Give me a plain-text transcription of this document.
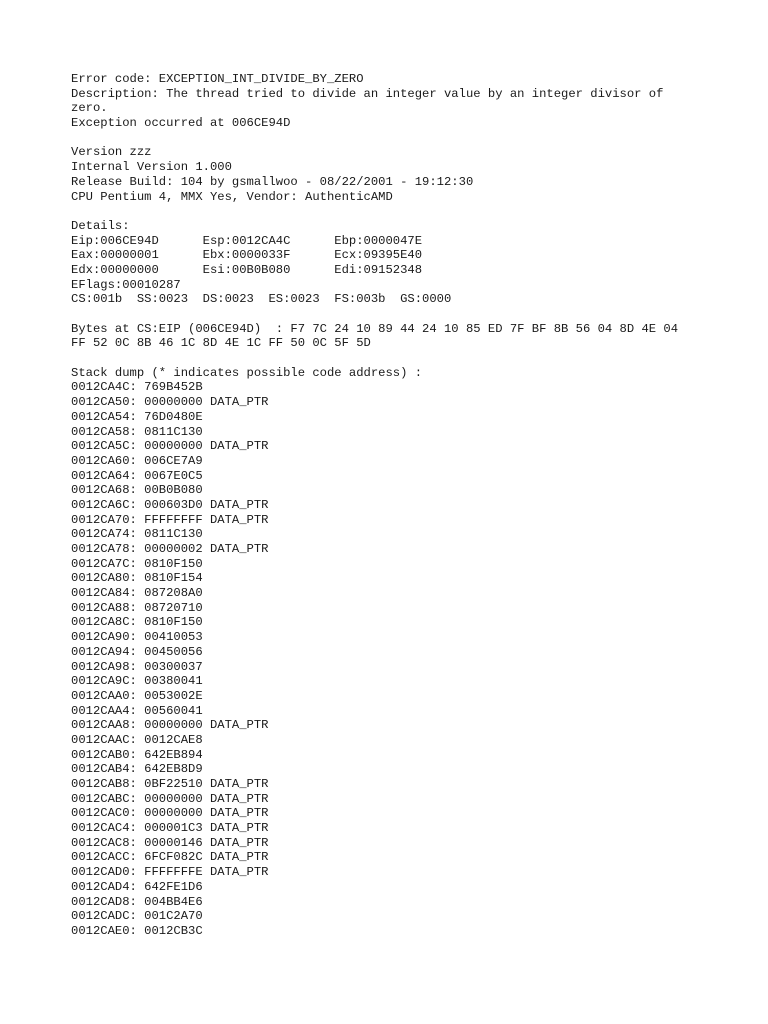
Error code: EXCEPTION_INT_DIVIDE_BY_ZERO
Description: The thread tried to divide an integer value by an integer divisor of
zero.
Exception occurred at 006CE94D
Version zzz
Internal Version 1.000
Release Build: 104 by gsmallwoo - 08/22/2001 - 19:12:30
CPU Pentium 4, MMX Yes, Vendor: AuthenticAMD
Details:
Eip:006CE94D      Esp:0012CA4C      Ebp:0000047E
Eax:00000001      Ebx:0000033F      Ecx:09395E40
Edx:00000000      Esi:00B0B080      Edi:09152348
EFlags:00010287
CS:001b  SS:0023  DS:0023  ES:0023  FS:003b  GS:0000
Bytes at CS:EIP (006CE94D)  : F7 7C 24 10 89 44 24 10 85 ED 7F BF 8B 56 04 8D 4E 04
FF 52 0C 8B 46 1C 8D 4E 1C FF 50 0C 5F 5D
Stack dump (* indicates possible code address) :
0012CA4C: 769B452B
0012CA50: 00000000 DATA_PTR
0012CA54: 76D0480E
0012CA58: 0811C130
0012CA5C: 00000000 DATA_PTR
0012CA60: 006CE7A9
0012CA64: 0067E0C5
0012CA68: 00B0B080
0012CA6C: 000603D0 DATA_PTR
0012CA70: FFFFFFFF DATA_PTR
0012CA74: 0811C130
0012CA78: 00000002 DATA_PTR
0012CA7C: 0810F150
0012CA80: 0810F154
0012CA84: 087208A0
0012CA88: 08720710
0012CA8C: 0810F150
0012CA90: 00410053
0012CA94: 00450056
0012CA98: 00300037
0012CA9C: 00380041
0012CAA0: 0053002E
0012CAA4: 00560041
0012CAA8: 00000000 DATA_PTR
0012CAAC: 0012CAE8
0012CAB0: 642EB894
0012CAB4: 642EB8D9
0012CAB8: 0BF22510 DATA_PTR
0012CABC: 00000000 DATA_PTR
0012CAC0: 00000000 DATA_PTR
0012CAC4: 000001C3 DATA_PTR
0012CAC8: 00000146 DATA_PTR
0012CACC: 6FCF082C DATA_PTR
0012CAD0: FFFFFFFE DATA_PTR
0012CAD4: 642FE1D6
0012CAD8: 004BB4E6
0012CADC: 001C2A70
0012CAE0: 0012CB3C
